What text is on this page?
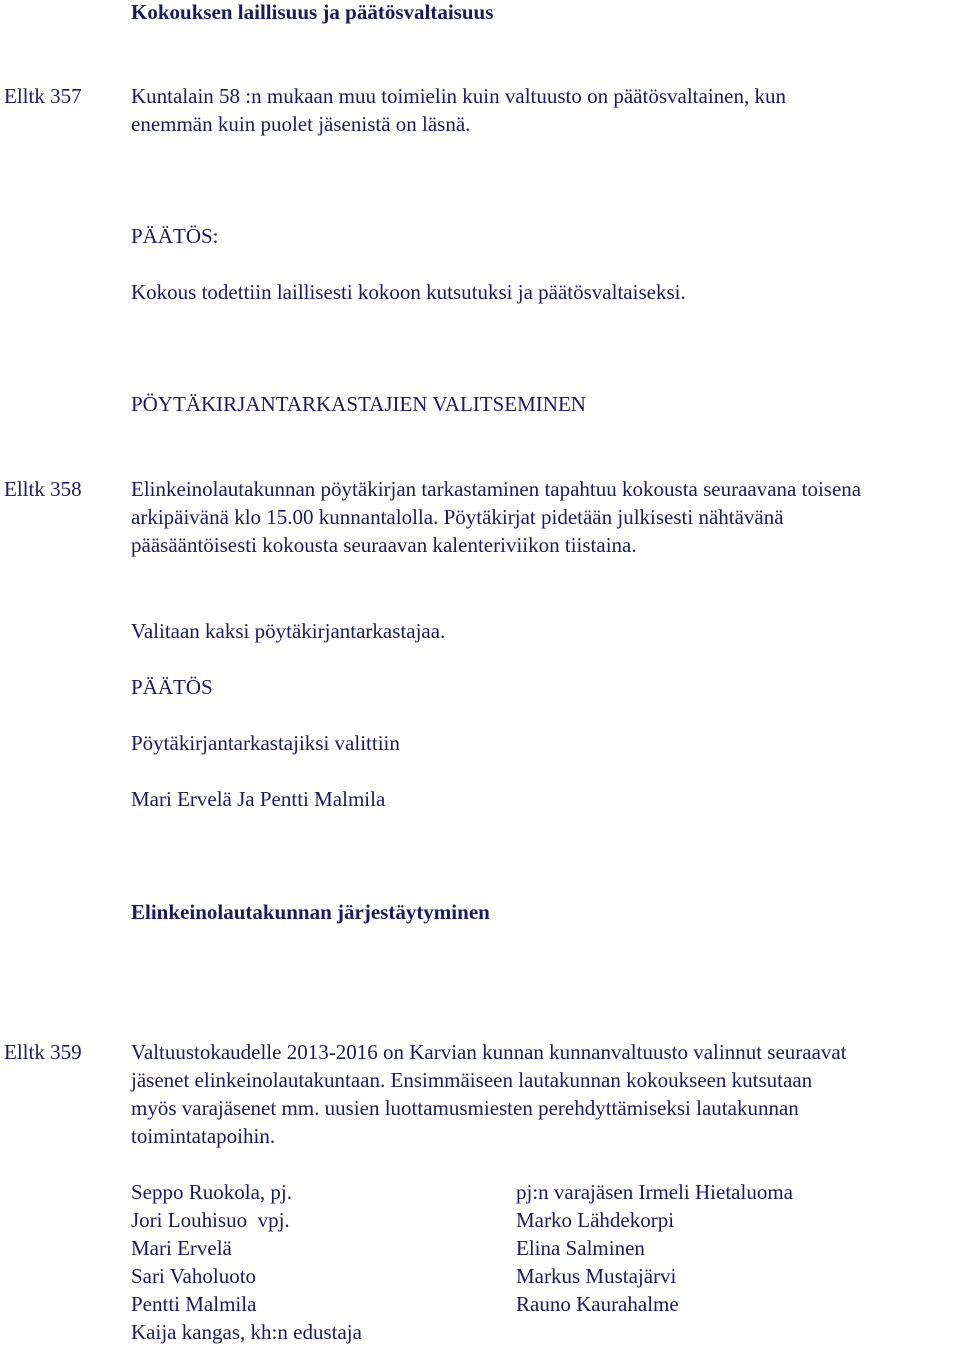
Kokouksen laillisuus ja päätösvaltaisuus
Elltk 357 Kuntalain 58 :n mukaan muu toimielin kuin valtuusto on päätösvaltainen, kun
enemmän kuin puolet jäsenistä on läsnä.
PÄÄTÖS:
Kokous todettiin laillisesti kokoon kutsutuksi ja päätösvaltaiseksi.
PÖYTÄKIRJANTARKASTAJIEN VALITSEMINEN
Elltk 358 Elinkeinolautakunnan pöytäkirjan tarkastaminen tapahtuu kokousta seuraavana toisena
arkipäivänä klo 15.00 kunnantalolla. Pöytäkirjat pidetään julkisesti nähtävänä
pääsääntöisesti kokousta seuraavan kalenteriviikon tiistaina.
Valitaan kaksi pöytäkirjantarkastajaa.
PÄÄTÖS
Pöytäkirjantarkastajiksi valittiin
Mari Ervelä Ja Pentti Malmila
Elinkeinolautakunnan järjestäytyminen
Elltk 359 Valtuustokaudelle 2013-2016 on Karvian kunnan kunnanvaltuusto valinnut seuraavat
jäsenet elinkeinolautakuntaan. Ensimmäiseen lautakunnan kokoukseen kutsutaan
myös varajäsenet mm. uusien luottamusmiesten perehdyttämiseksi lautakunnan
toimintatapoihin.
Seppo Ruokola, pj.
Jori Louhisuo  vpj.
Mari Ervelä
Sari Vaholuoto
Pentti Malmila
Kaija kangas, kh:n edustaja
pj:n varajäsen Irmeli Hietaluoma
Marko Lähdekorpi
Elina Salminen
Markus Mustajärvi
Rauno Kaurahalme
